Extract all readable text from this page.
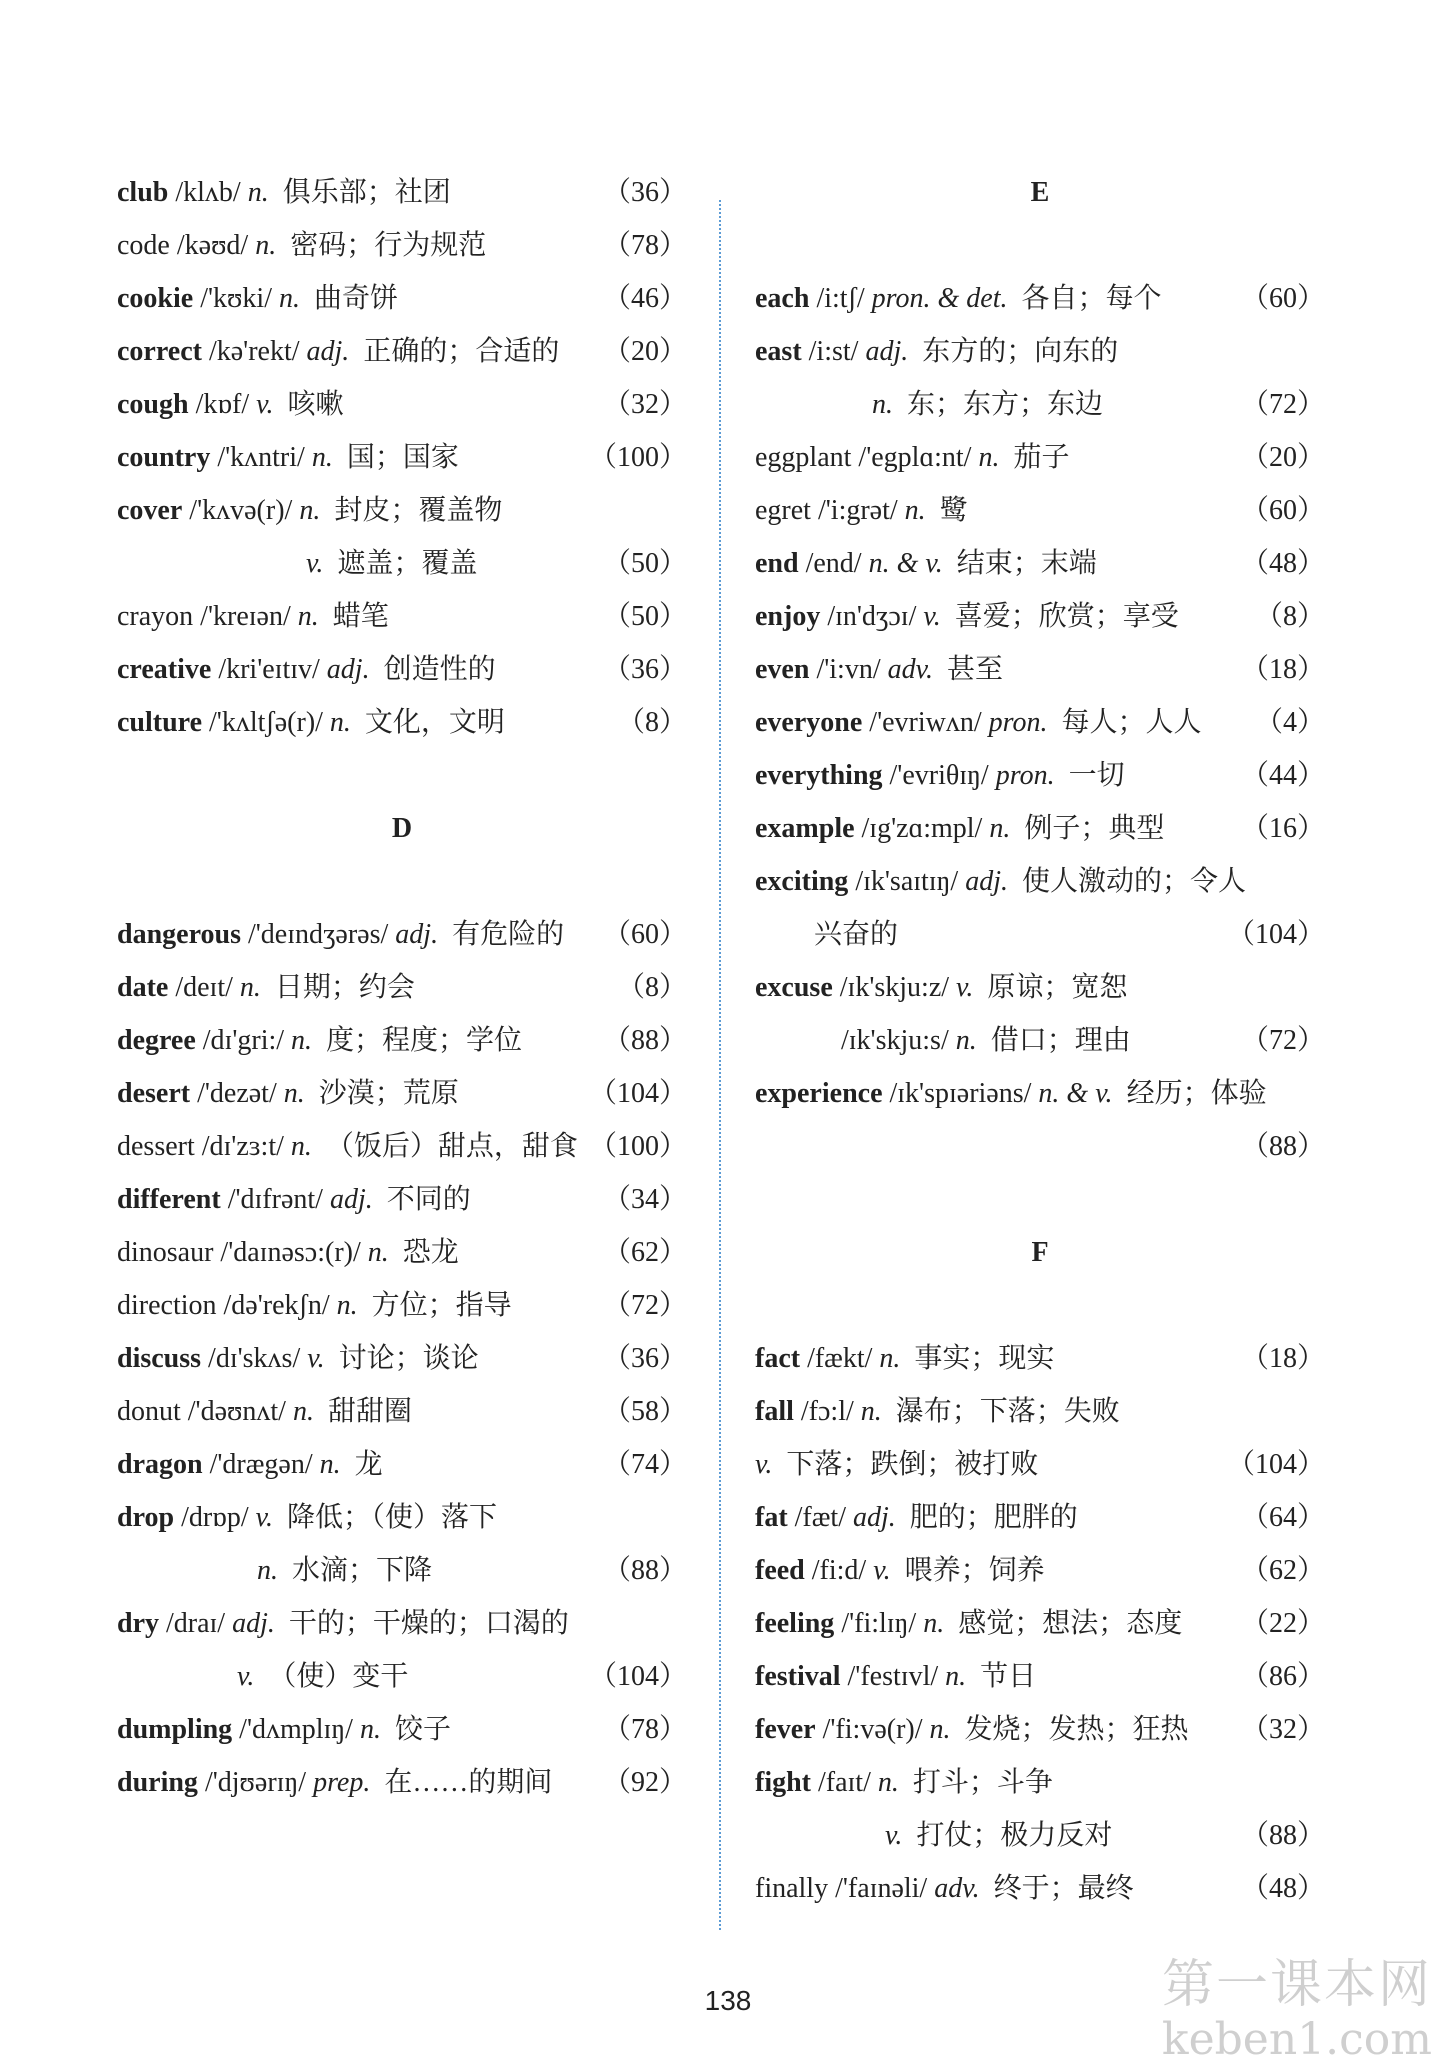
D
club /klʌb/ n.  俱乐部；社团	（36）
code /kəʊd/ n.  密码；行为规范	（78）
cookie /'kʊki/ n.  曲奇饼	（46）
correct /kə'rekt/ adj.  正确的；合适的 （20）
cough /kɒf/ v.  咳嗽	（32）
country /'kʌntri/ n.  国；国家	（100）
cover /'kʌvə(r)/ n.  封皮；覆盖物
v.  遮盖；覆盖	（50）
crayon /'kreɪən/ n.  蜡笔	（50）
creative /kri'eɪtɪv/ adj.  创造性的	（36）
culture /'kʌltʃə(r)/ n.  文化，文明	（8）
dangerous /'deɪndʒərəs/ adj.  有危险的 （60）
date /deɪt/ n.  日期；约会	（8）
degree /dɪ'gri:/ n.  度；程度；学位	（88）
desert /'dezət/ n.  沙漠；荒原	（104）
dessert /dɪ'zɜ:t/ n.  （饭后）甜点，甜食 （100）
different /'dɪfrənt/ adj.  不同的	（34）
dinosaur /'daɪnəsɔ:(r)/ n.  恐龙	（62）
direction /də'rekʃn/ n.  方位；指导	（72）
discuss /dɪ'skʌs/ v.  讨论；谈论	（36）
donut /'dəʊnʌt/ n.  甜甜圈	（58）
dragon /'drægən/ n.  龙	（74）
drop /drɒp/ v.  降低；（使）落下
n.  水滴；下降	（88）
dry /draɪ/ adj.  干的；干燥的；口渴的
v.  （使）变干	（104）
dumpling /'dʌmplɪŋ/ n.  饺子	（78）
during /'djʊərɪŋ/ prep.  在……的期间 （92）
E
F
each /i:tʃ/ pron. & det.  各自；每个	（60）
east /i:st/ adj.  东方的；向东的
n.  东；东方；东边	（72）
eggplant /'egplɑ:nt/ n.  茄子	（20）
egret /'i:grət/ n.  鹭	（60）
end /end/ n. & v.  结束；末端	（48）
enjoy /ɪn'dʒɔɪ/ v.  喜爱；欣赏；享受	（8）
even /'i:vn/ adv.  甚至	（18）
everyone /'evriwʌn/ pron.  每人；人人 （4）
everything /'evriθɪŋ/ pron.  一切	（44）
example /ɪg'zɑ:mpl/ n.  例子；典型	（16）
exciting /ɪk'saɪtɪŋ/ adj.  使人激动的；令人
兴奋的	（104）
excuse /ɪk'skju:z/ v.  原谅；宽恕
/ɪk'skju:s/ n.  借口；理由	（72）
experience /ɪk'spɪəriəns/ n. & v.  经历；体验
（88）
fact /fækt/ n.  事实；现实	（18）
fall /fɔ:l/ n.  瀑布；下落；失败
v.  下落；跌倒；被打败	（104）
fat /fæt/ adj.  肥的；肥胖的	（64）
feed /fi:d/ v.  喂养；饲养	（62）
feeling /'fi:lɪŋ/ n.  感觉；想法；态度 （22）
festival /'festɪvl/ n.  节日	（86）
fever /'fi:və(r)/ n.  发烧；发热；狂热 （32）
fight /faɪt/ n.  打斗；斗争
v.  打仗；极力反对	（88）
finally /'faɪnəli/ adv.  终于；最终	（48）
138	第一课本网
keben1.com
